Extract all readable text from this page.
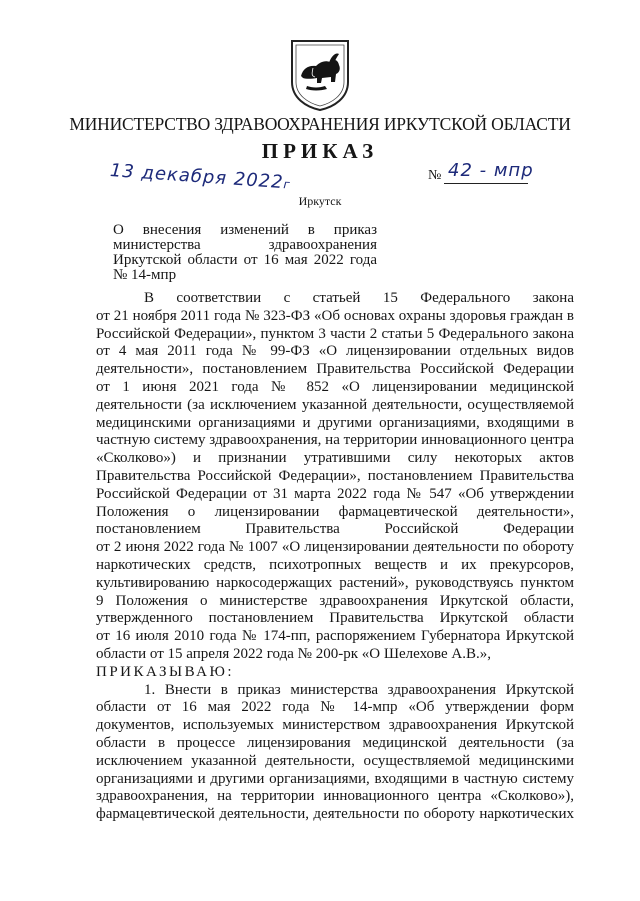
МИНИСТЕРСТВО ЗДРАВООХРАНЕНИЯ ИРКУТСКОЙ ОБЛАСТИ
ПРИКАЗ
13 декабря 2022г
№ 42 - мпр
Иркутск
О внесения изменений в приказ
министерства здравоохранения
Иркутской области от 16 мая 2022 года
№ 14-мпр
В соответствии с статьей 15 Федерального закона
от 21 ноября 2011 года № 323-ФЗ «Об основах охраны здоровья граждан в
Российской Федерации», пунктом 3 части 2 статьи 5 Федерального закона
от 4 мая 2011 года № 99-ФЗ «О лицензировании отдельных видов
деятельности», постановлением Правительства Российской Федерации
от 1 июня 2021 года № 852 «О лицензировании медицинской
деятельности (за исключением указанной деятельности, осуществляемой
медицинскими организациями и другими организациями, входящими в
частную систему здравоохранения, на территории инновационного центра
«Сколково») и признании утратившими силу некоторых актов
Правительства Российской Федерации», постановлением Правительства
Российской Федерации от 31 марта 2022 года № 547 «Об утверждении
Положения о лицензировании фармацевтической деятельности»,
постановлением Правительства Российской Федерации
от 2 июня 2022 года № 1007 «О лицензировании деятельности по обороту
наркотических средств, психотропных веществ и их прекурсоров,
культивированию наркосодержащих растений», руководствуясь пунктом
9 Положения о министерстве здравоохранения Иркутской области,
утвержденного постановлением Правительства Иркутской области
от 16 июля 2010 года № 174-пп, распоряжением Губернатора Иркутской
области от 15 апреля 2022 года № 200-рк «О Шелехове А.В.»,
ПРИКАЗЫВАЮ:
1. Внести в приказ министерства здравоохранения Иркутской
области от 16 мая 2022 года № 14-мпр «Об утверждении форм
документов, используемых министерством здравоохранения Иркутской
области в процессе лицензирования медицинской деятельности (за
исключением указанной деятельности, осуществляемой медицинскими
организациями и другими организациями, входящими в частную систему
здравоохранения, на территории инновационного центра «Сколково»),
фармацевтической деятельности, деятельности по обороту наркотических
